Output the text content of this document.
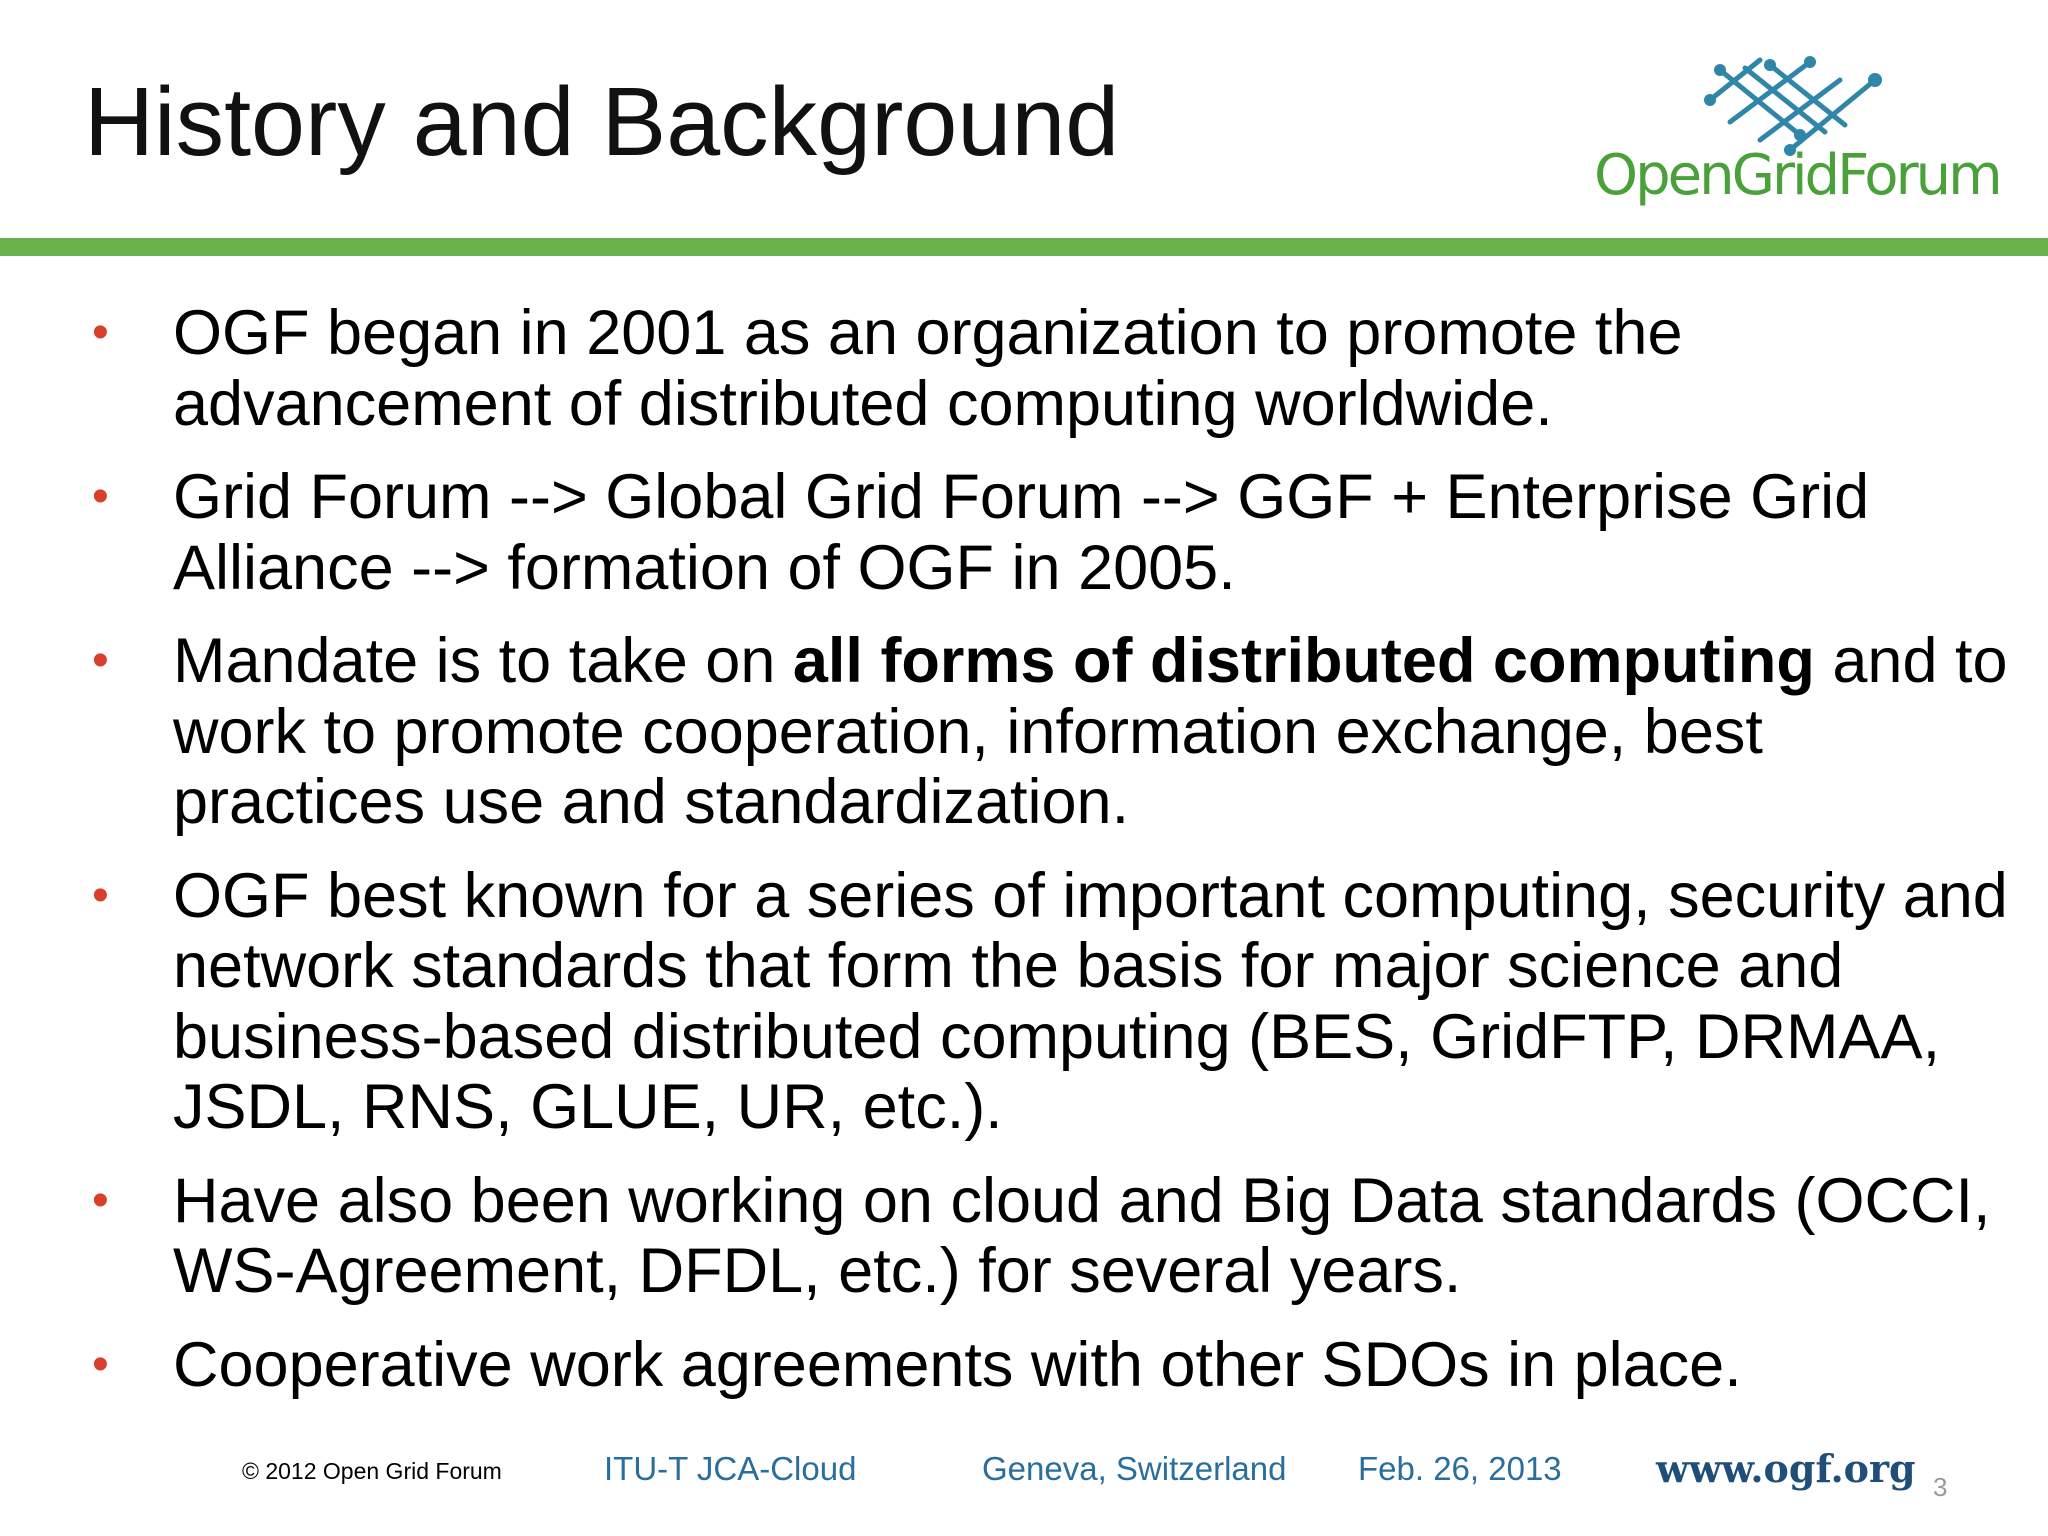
History and Background	OpenGridForum
• OGF began in 2001 as an organization to promote the advancement of distributed computing worldwide.
• Grid Forum --> Global Grid Forum --> GGF + Enterprise Grid Alliance --> formation of OGF in 2005.
• Mandate is to take on all forms of distributed computing and to work to promote cooperation, information exchange, best practices use and standardization.
• OGF best known for a series of important computing, security and network standards that form the basis for major science and business-based distributed computing (BES, GridFTP, DRMAA, JSDL, RNS, GLUE, UR, etc.).
• Have also been working on cloud and Big Data standards (OCCI, WS-Agreement, DFDL, etc.) for several years.
• Cooperative work agreements with other SDOs in place.
© 2012 Open Grid Forum	ITU-T JCA-Cloud	Geneva, Switzerland Feb. 26, 2013 www.ogf.org 3
